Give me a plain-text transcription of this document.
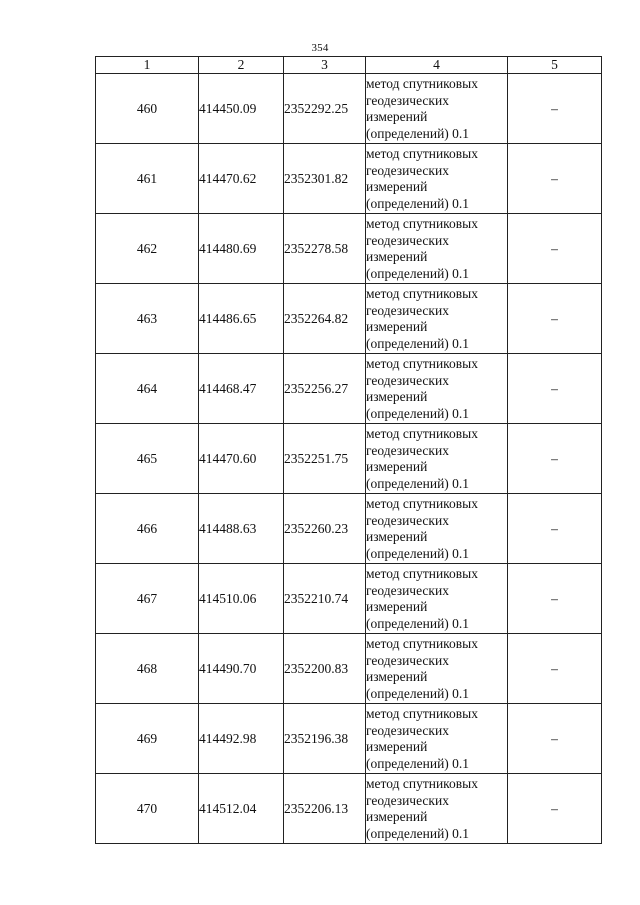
354
1	2	3	4	5
460	414450.09	2352292.25	метод спутниковых
геодезических
измерений
(определений) 0.1	–
461	414470.62	2352301.82	метод спутниковых
геодезических
измерений
(определений) 0.1	–
462	414480.69	2352278.58	метод спутниковых
геодезических
измерений
(определений) 0.1	–
463	414486.65	2352264.82	метод спутниковых
геодезических
измерений
(определений) 0.1	–
464	414468.47	2352256.27	метод спутниковых
геодезических
измерений
(определений) 0.1	–
465	414470.60	2352251.75	метод спутниковых
геодезических
измерений
(определений) 0.1	–
466	414488.63	2352260.23	метод спутниковых
геодезических
измерений
(определений) 0.1	–
467	414510.06	2352210.74	метод спутниковых
геодезических
измерений
(определений) 0.1	–
468	414490.70	2352200.83	метод спутниковых
геодезических
измерений
(определений) 0.1	–
469	414492.98	2352196.38	метод спутниковых
геодезических
измерений
(определений) 0.1	–
470	414512.04	2352206.13	метод спутниковых
геодезических
измерений
(определений) 0.1	–
